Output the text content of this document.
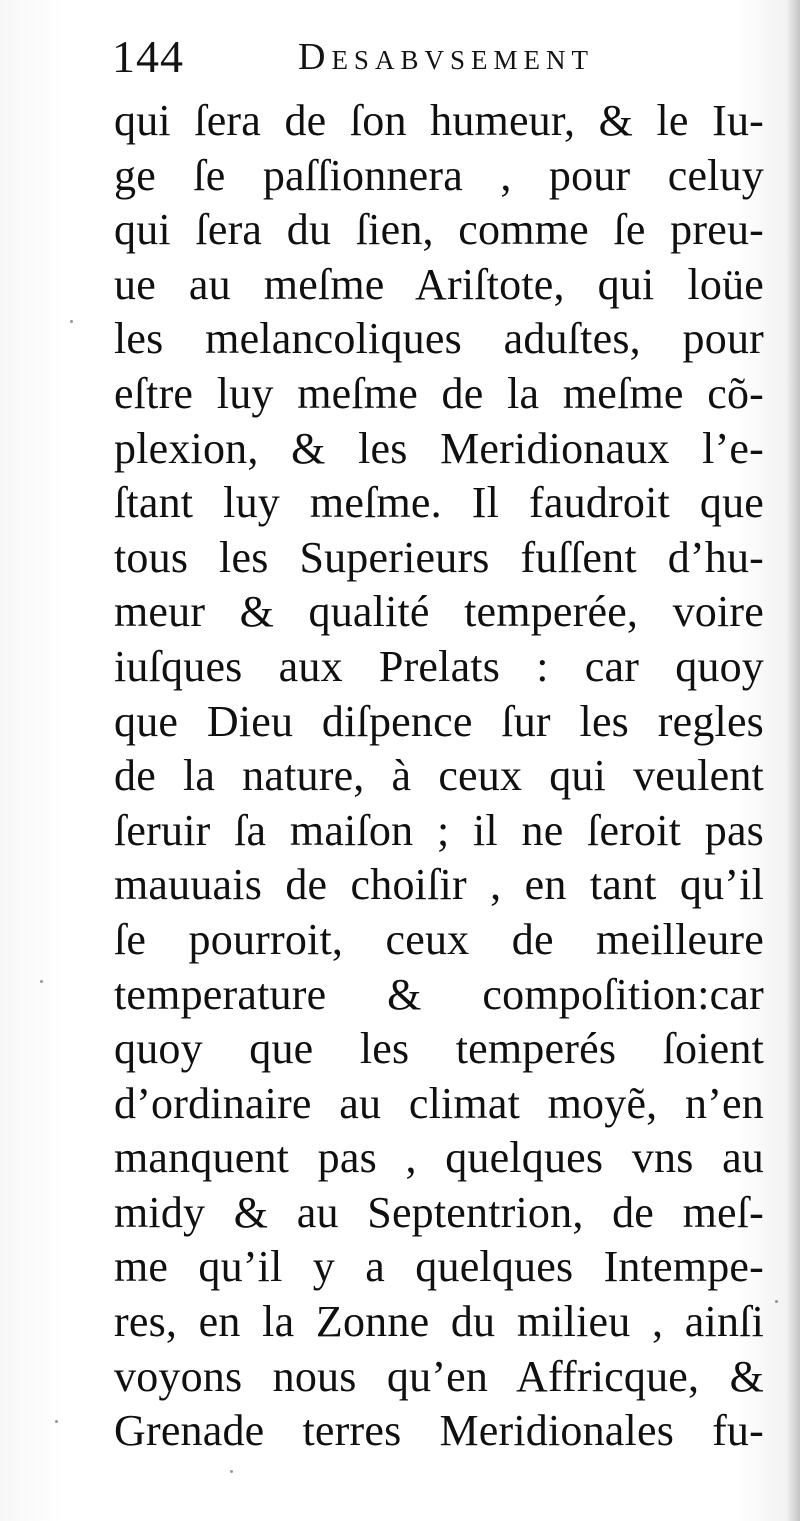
144	Desabvsement
qui ſera de ſon humeur, & le Iu-
ge ſe paſſionnera , pour celuy
qui ſera du ſien, comme ſe preu-
ue au meſme Ariſtote, qui loüe
les melancoliques aduſtes, pour
eſtre luy meſme de la meſme cõ-
plexion, & les Meridionaux l’e-
ſtant luy meſme. Il faudroit que
tous les Superieurs fuſſent d’hu-
meur & qualité temperée, voire
iuſques aux Prelats : car quoy
que Dieu diſpence ſur les regles
de la nature, à ceux qui veulent
ſeruir ſa maiſon ; il ne ſeroit pas
mauuais de choiſir , en tant qu’il
ſe pourroit, ceux de meilleure
temperature & compoſition:car
quoy que les temperés ſoient
d’ordinaire au climat moyẽ, n’en
manquent pas , quelques vns au
midy & au Septentrion, de meſ-
me qu’il y a quelques Intempe-
res, en la Zonne du milieu , ainſi
voyons nous qu’en Affricque, &
Grenade terres Meridionales fu-
